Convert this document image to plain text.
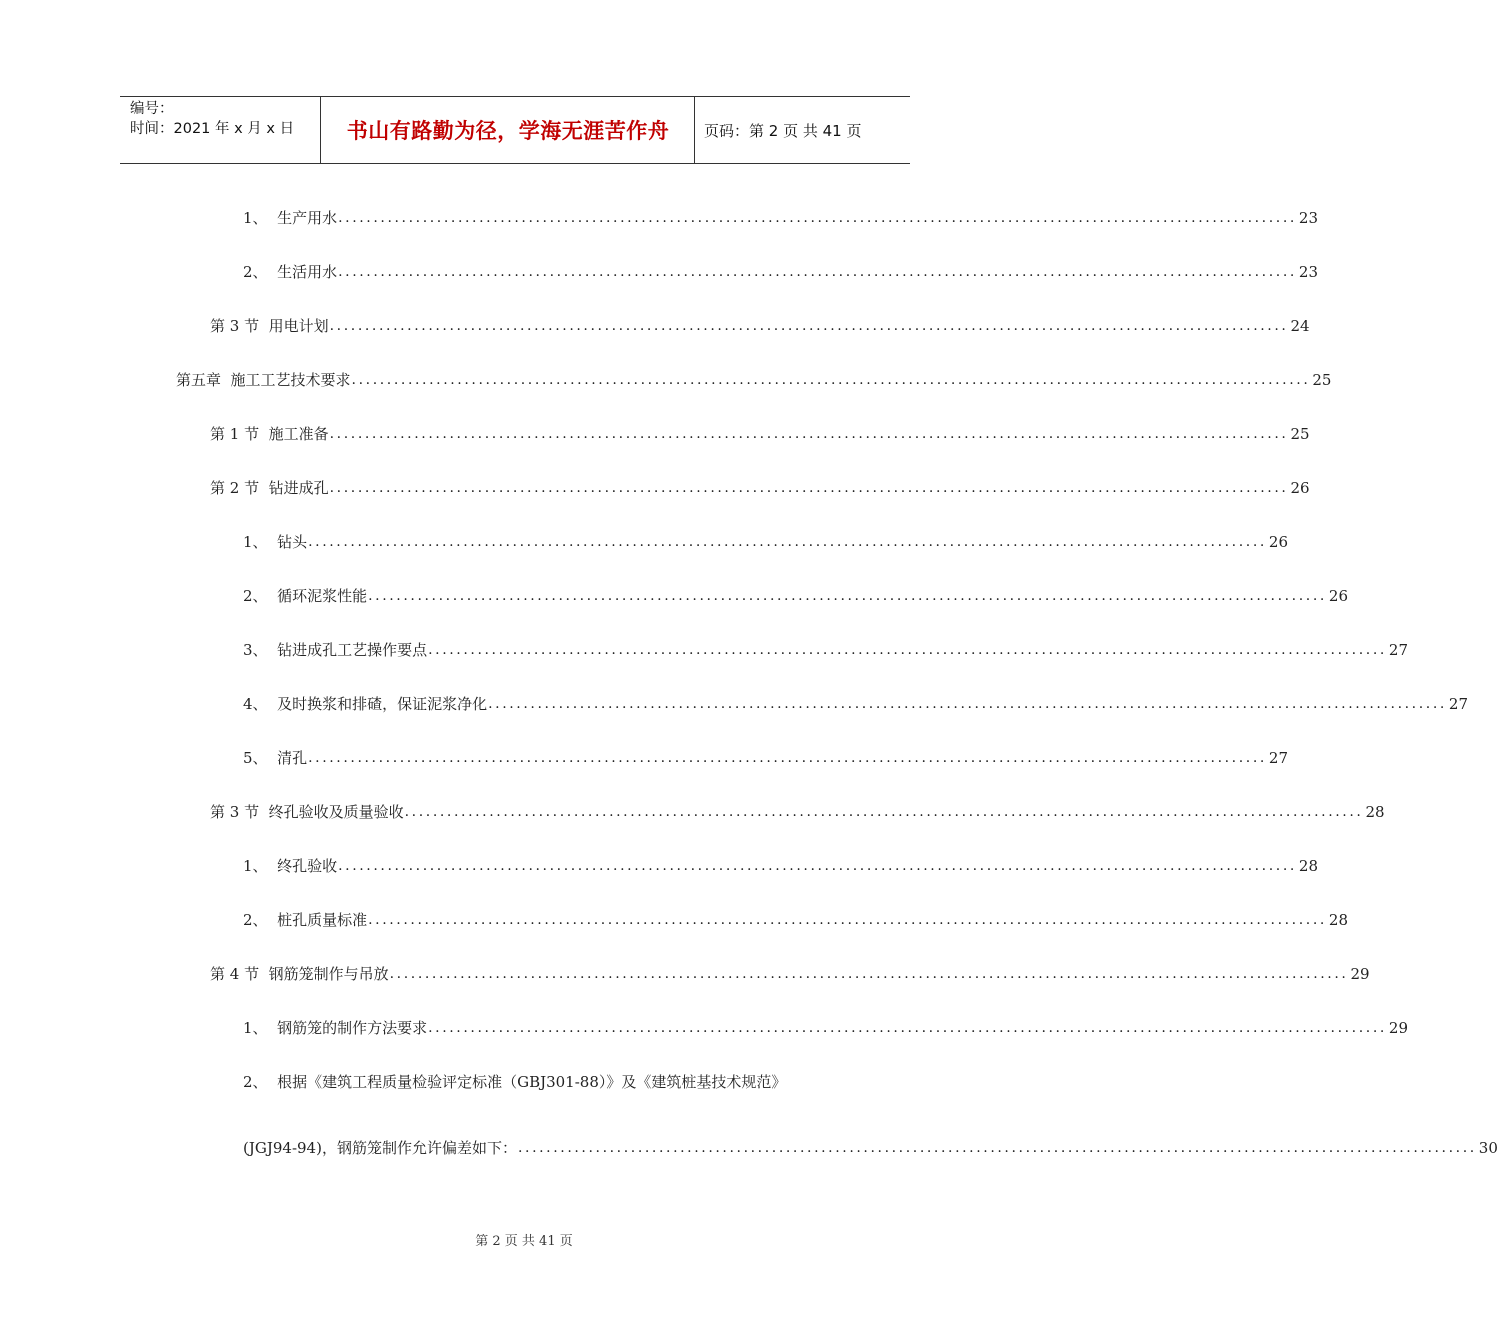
编号：
时间：2021 年 x 月 x 日	书山有路勤为径，学海无涯苦作舟	页码：第 2 页 共 41 页
1、  生产用水 ........................................................................................................................................ 23
2、  生活用水 ........................................................................................................................................ 23
第 3 节  用电计划 ........................................................................................................................................ 24
第五章  施工工艺技术要求 ........................................................................................................................................ 25
第 1 节  施工准备 ........................................................................................................................................ 25
第 2 节  钻进成孔 ........................................................................................................................................ 26
1、  钻头 ........................................................................................................................................ 26
2、  循环泥浆性能 ........................................................................................................................................ 26
3、  钻进成孔工艺操作要点 ........................................................................................................................................ 27
4、  及时换浆和排碴，保证泥浆净化 ........................................................................................................................................ 27
5、  清孔 ........................................................................................................................................ 27
第 3 节  终孔验收及质量验收 ........................................................................................................................................ 28
1、  终孔验收 ........................................................................................................................................ 28
2、  桩孔质量标准 ........................................................................................................................................ 28
第 4 节  钢筋笼制作与吊放 ........................................................................................................................................ 29
1、  钢筋笼的制作方法要求 ........................................................................................................................................ 29
2、  根据《建筑工程质量检验评定标准（GBJ301-88）》及《建筑桩基技术规范》
(JGJ94-94)，钢筋笼制作允许偏差如下： ........................................................................................................................................ 30
第 2 页 共 41 页
